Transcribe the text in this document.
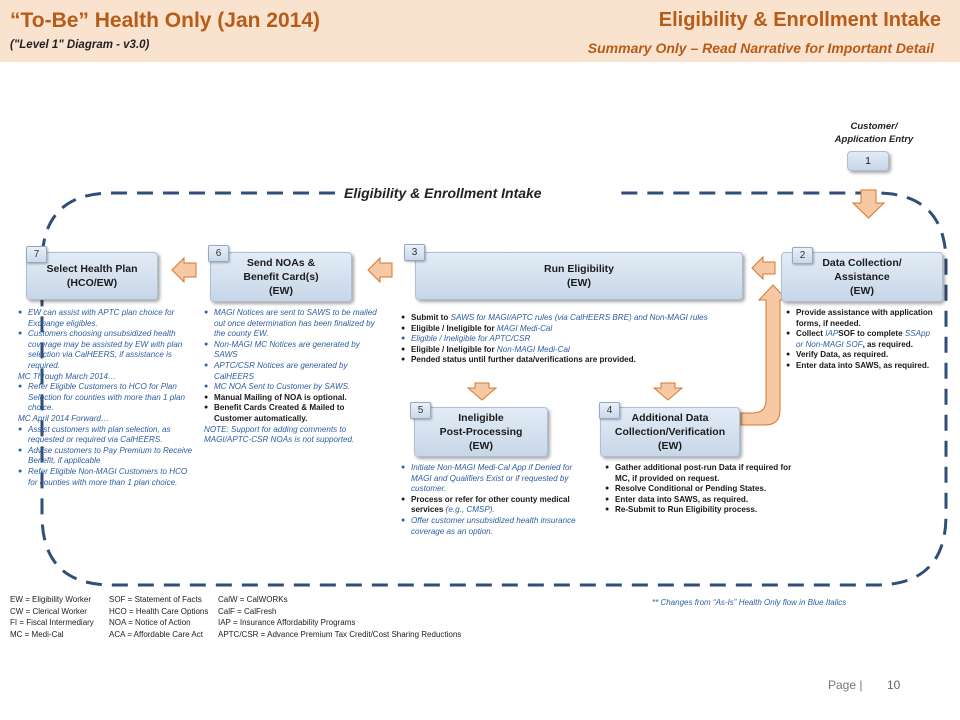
“To-Be” Health Only (Jan 2014)
("Level 1" Diagram - v3.0)
Eligibility & Enrollment Intake
Summary Only – Read Narrative for Important Detail
Eligibility & Enrollment Intake
Customer/
Application Entry
1
Data Collection/
Assistance
(EW)
2
Run Eligibility
(EW)
3
Additional Data
Collection/Verification
(EW)
4
Ineligible
Post-Processing
(EW)
5
Send NOAs &
Benefit Card(s)
(EW)
6
Select Health Plan
(HCO/EW)
7
● Provide assistance with application forms, if needed.
● Collect IAPSOF to complete SSApp or Non-MAGI SOF, as required.
● Verify Data, as required.
● Enter data into SAWS, as required.
● Submit to SAWS for MAGI/APTC rules (via CalHEERS BRE) and Non-MAGI rules
● Eligible / Ineligible for MAGI Medi-Cal
● Eligible / Ineligible for APTC/CSR
● Eligible / Ineligible for Non-MAGI Medi-Cal
● Pended status until further data/verifications are provided.
● Gather additional post-run Data if required for MC, if provided on request.
● Resolve Conditional or Pending States.
● Enter data into SAWS, as required.
● Re-Submit to Run Eligibility process.
● Initiate Non-MAGI Medi-Cal App if Denied for MAGI and Qualifiers Exist or if requested by customer.
● Process or refer for other county medical services (e.g., CMSP).
● Offer customer unsubsidized health insurance coverage as an option.
● MAGI Notices are sent to SAWS to be mailed out once determination has been finalized by the county EW.
● Non-MAGI MC Notices are generated by SAWS
● APTC/CSR Notices are generated by CalHEERS
● MC NOA Sent to Customer by SAWS.
● Manual Mailing of NOA is optional.
● Benefit Cards Created & Mailed to Customer automatically.
NOTE: Support for adding comments to MAGI/APTC-CSR NOAs is not supported.
● EW can assist with APTC plan choice for Exchange eligibles.
● Customers choosing unsubsidized health coverage may be assisted by EW with plan selection via CalHEERS, if assistance is required.
MC Through March 2014…
● Refer Eligible Customers to HCO for Plan Selection for counties with more than 1 plan choice.
MC April 2014 Forward…
● Assist customers with plan selection, as requested or required via CalHEERS.
● Advise customers to Pay Premium to Receive Benefit, if applicable
● Refer Eligible Non-MAGI Customers to HCO for counties with more than 1 plan choice.
EW = Eligibility Worker	SOF = Statement of Facts	CalW = CalWORKs
CW = Clerical Worker	HCO = Health Care Options	CalF = CalFresh
FI = Fiscal Intermediary	NOA = Notice of Action	IAP = Insurance Affordability Programs
MC = Medi-Cal	ACA = Affordable Care Act	APTC/CSR = Advance Premium Tax Credit/Cost Sharing Reductions
** Changes from “As-Is” Health Only flow in Blue Italics
Page | 10
